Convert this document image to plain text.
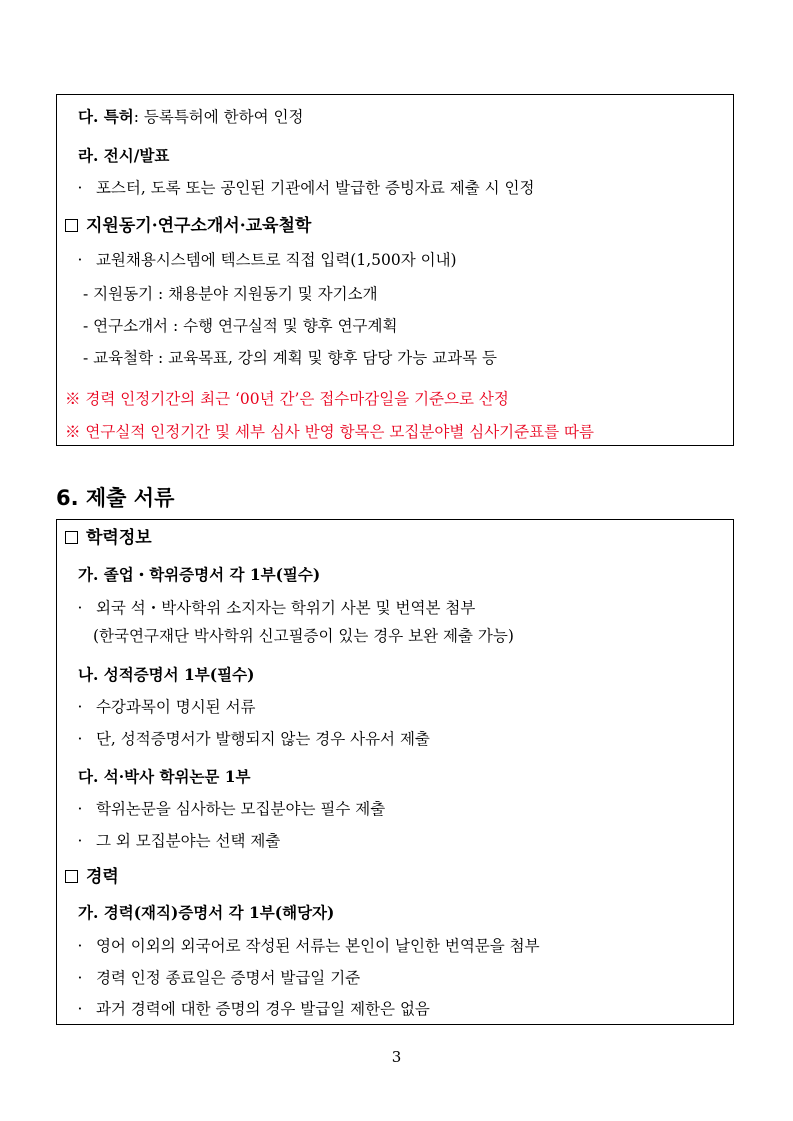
다. 특허: 등록특허에 한하여 인정
라. 전시/발표
· 포스터, 도록 또는 공인된 기관에서 발급한 증빙자료 제출 시 인정
지원동기·연구소개서·교육철학
· 교원채용시스템에 텍스트로 직접 입력(1,500자 이내)
- 지원동기 : 채용분야 지원동기 및 자기소개
- 연구소개서 : 수행 연구실적 및 향후 연구계획
- 교육철학 : 교육목표, 강의 계획 및 향후 담당 가능 교과목 등
※ 경력 인정기간의 최근 ‘00년 간’은 접수마감일을 기준으로 산정
※ 연구실적 인정기간 및 세부 심사 반영 항목은 모집분야별 심사기준표를 따름
6. 제출 서류
학력정보
가. 졸업・학위증명서 각 1부(필수)
· 외국 석・박사학위 소지자는 학위기 사본 및 번역본 첨부
(한국연구재단 박사학위 신고필증이 있는 경우 보완 제출 가능)
나. 성적증명서 1부(필수)
· 수강과목이 명시된 서류
· 단, 성적증명서가 발행되지 않는 경우 사유서 제출
다. 석·박사 학위논문 1부
· 학위논문을 심사하는 모집분야는 필수 제출
· 그 외 모집분야는 선택 제출
경력
가. 경력(재직)증명서 각 1부(해당자)
· 영어 이외의 외국어로 작성된 서류는 본인이 날인한 번역문을 첨부
· 경력 인정 종료일은 증명서 발급일 기준
· 과거 경력에 대한 증명의 경우 발급일 제한은 없음
3
